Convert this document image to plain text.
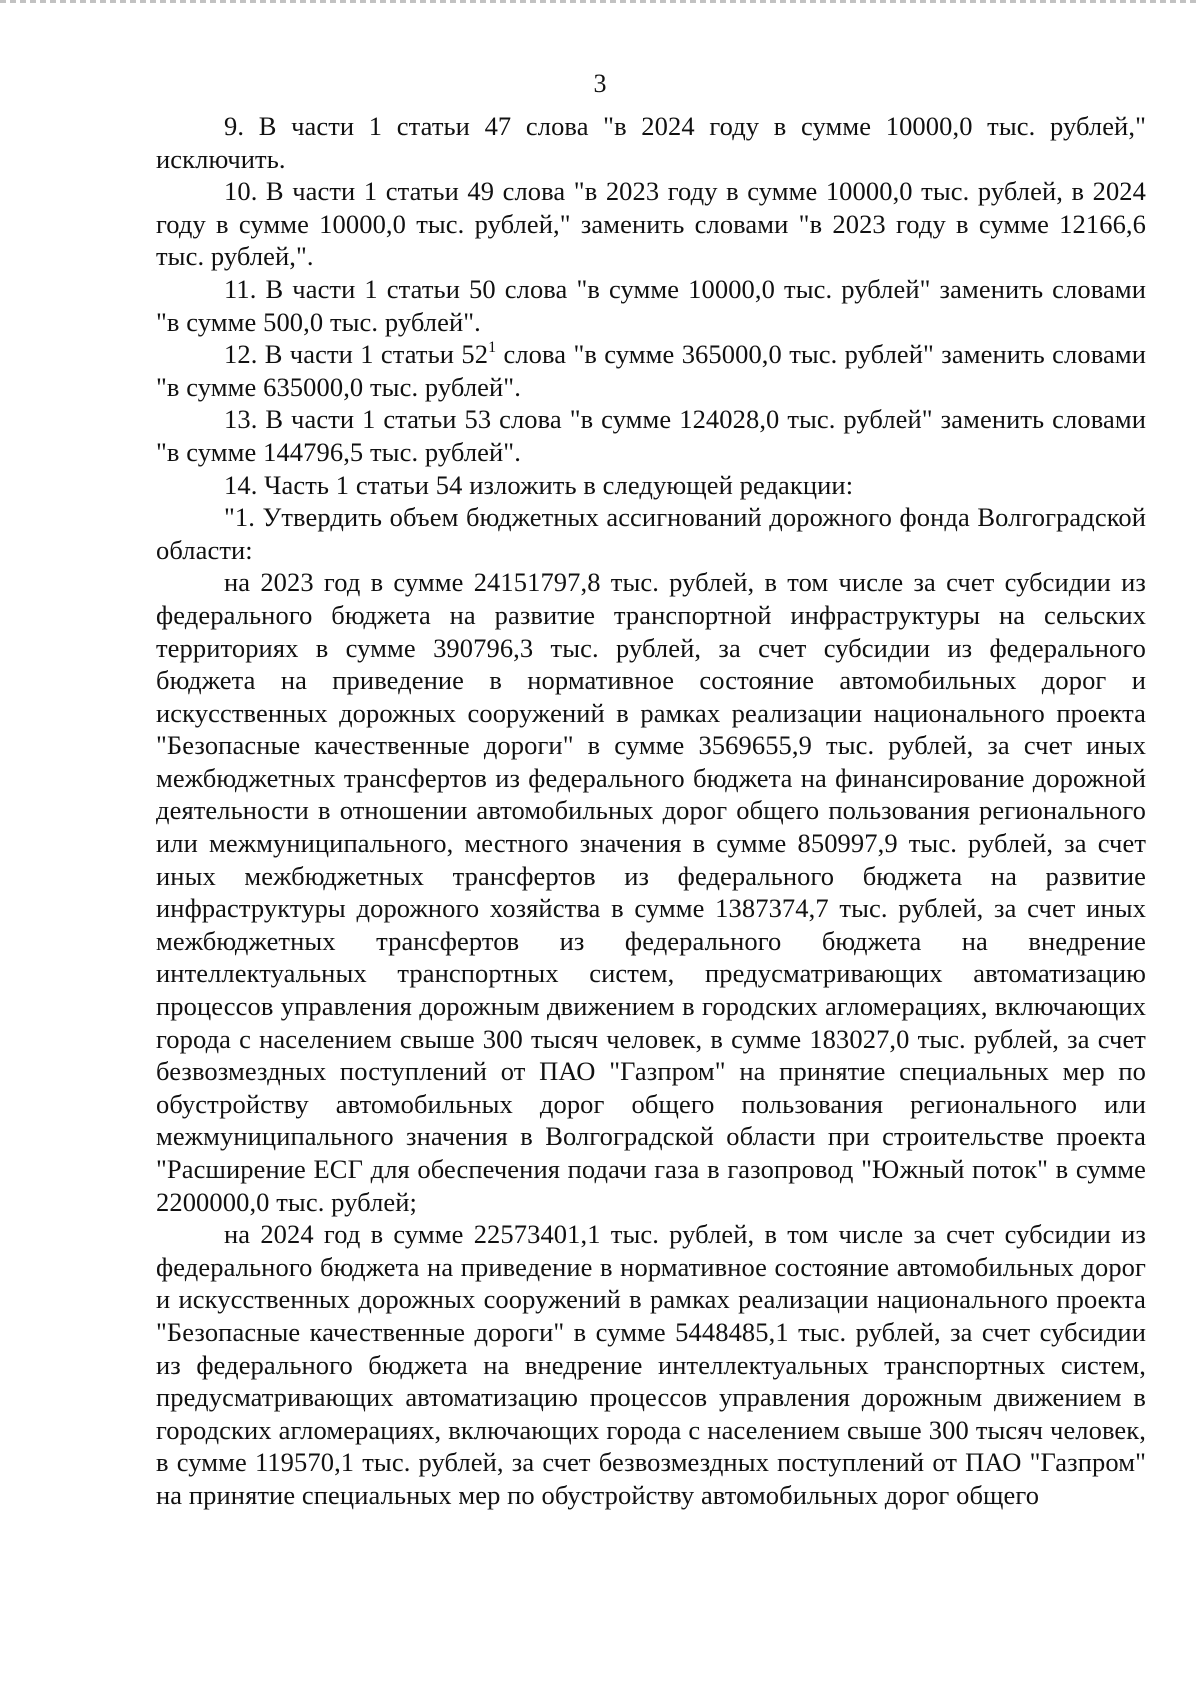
3

9. В части 1 статьи 47 слова "в 2024 году в сумме 10000,0 тыс. рублей," исключить.

10. В части 1 статьи 49 слова "в 2023 году в сумме 10000,0 тыс. рублей, в 2024 году в сумме 10000,0 тыс. рублей," заменить словами "в 2023 году в сумме 12166,6 тыс. рублей,".

11. В части 1 статьи 50 слова "в сумме 10000,0 тыс. рублей" заменить словами "в сумме 500,0 тыс. рублей".

12. В части 1 статьи $52^1$ слова "в сумме 365000,0 тыс. рублей" заменить словами "в сумме 635000,0 тыс. рублей".

13. В части 1 статьи 53 слова "в сумме 124028,0 тыс. рублей" заменить словами "в сумме 144796,5 тыс. рублей".

14. Часть 1 статьи 54 изложить в следующей редакции:

"1. Утвердить объем бюджетных ассигнований дорожного фонда Волгоградской области:

на 2023 год в сумме 24151797,8 тыс. рублей, в том числе за счет субсидии из федерального бюджета на развитие транспортной инфраструктуры на сельских территориях в сумме 390796,3 тыс. рублей, за счет субсидии из федерального бюджета на приведение в нормативное состояние автомобильных дорог и искусственных дорожных сооружений в рамках реализации национального проекта "Безопасные качественные дороги" в сумме 3569655,9 тыс. рублей, за счет иных межбюджетных трансфертов из федерального бюджета на финансирование дорожной деятельности в отношении автомобильных дорог общего пользования регионального или межмуниципального, местного значения в сумме 850997,9 тыс. рублей, за счет иных межбюджетных трансфертов из федерального бюджета на развитие инфраструктуры дорожного хозяйства в сумме 1387374,7 тыс. рублей, за счет иных межбюджетных трансфертов из федерального бюджета на внедрение интеллектуальных транспортных систем, предусматривающих автоматизацию процессов управления дорожным движением в городских агломерациях, включающих города с населением свыше 300 тысяч человек, в сумме 183027,0 тыс. рублей, за счет безвозмездных поступлений от ПАО "Газпром" на принятие специальных мер по обустройству автомобильных дорог общего пользования регионального или межмуниципального значения в Волгоградской области при строительстве проекта "Расширение ЕСГ для обеспечения подачи газа в газопровод "Южный поток" в сумме 2200000,0 тыс. рублей;

на 2024 год в сумме 22573401,1 тыс. рублей, в том числе за счет субсидии из федерального бюджета на приведение в нормативное состояние автомобильных дорог и искусственных дорожных сооружений в рамках реализации национального проекта "Безопасные качественные дороги" в сумме 5448485,1 тыс. рублей, за счет субсидии из федерального бюджета на внедрение интеллектуальных транспортных систем, предусматривающих автоматизацию процессов управления дорожным движением в городских агломерациях, включающих города с населением свыше 300 тысяч человек, в сумме 119570,1 тыс. рублей, за счет безвозмездных поступлений от ПАО "Газпром" на принятие специальных мер по обустройству автомобильных дорог общего
